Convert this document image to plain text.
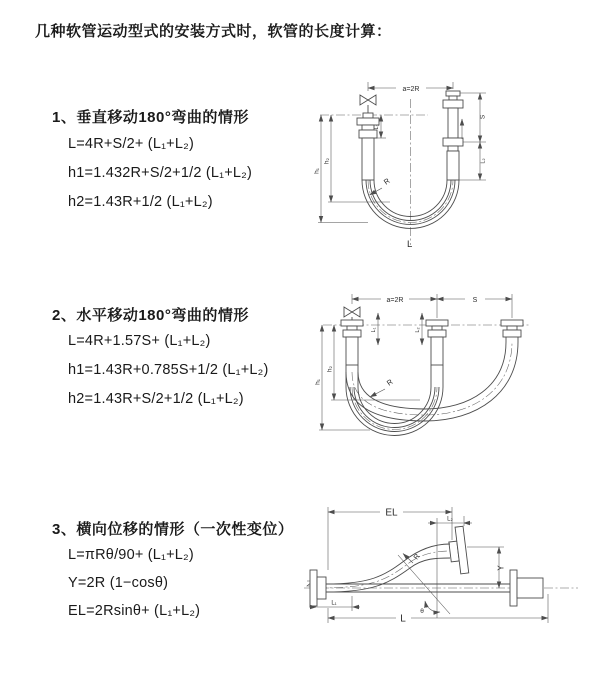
几种软管运动型式的安装方式时，软管的长度计算：
1、垂直移动180°弯曲的情形
L=4R+S/2+ (L₁+L₂)
h1=1.432R+S/2+1/2 (L₁+L₂)
h2=1.43R+1/2 (L₁+L₂)
2、水平移动180°弯曲的情形
L=4R+1.57S+ (L₁+L₂)
h1=1.43R+0.785S+1/2 (L₁+L₂)
h2=1.43R+S/2+1/2 (L₁+L₂)
3、横向位移的情形（一次性变位）
L=πRθ/90+ (L₁+L₂)
Y=2R (1−cosθ)
EL=2Rsinθ+ (L₁+L₂)
a=2R
h₁
h₂
L₁
S
L₂
R
L
a=2R	S
h₁
h₂
L₁	L₂
R
EL
L₂
Y
θ
R
L
L₁
